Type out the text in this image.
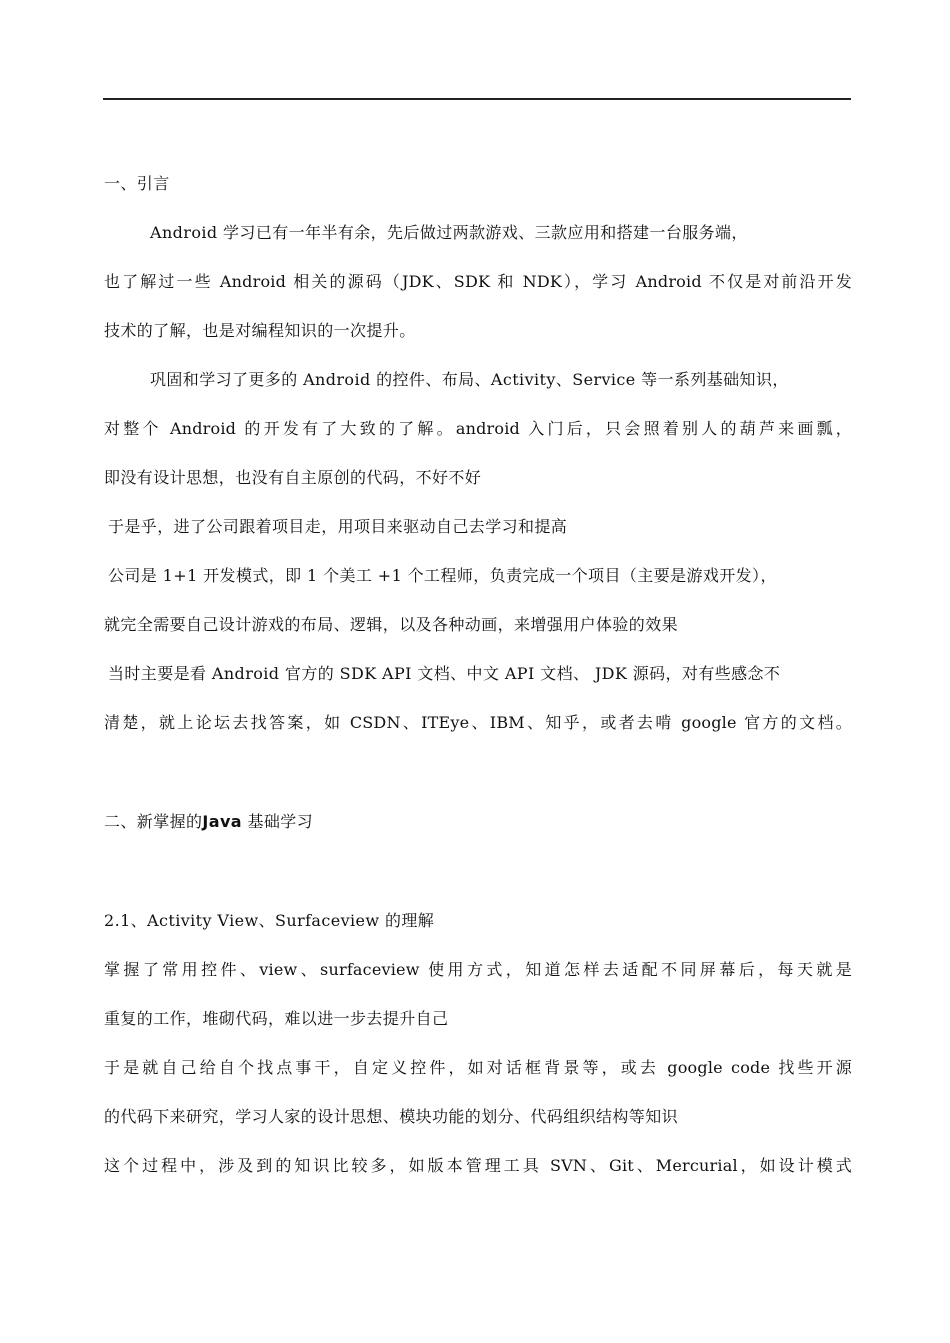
一、引言
Android 学习已有一年半有余，先后做过两款游戏、三款应用和搭建一台服务端，
也了解过一些 Android 相关的源码（JDK、SDK 和 NDK），学习 Android 不仅是对前沿开发
技术的了解，也是对编程知识的一次提升。
巩固和学习了更多的 Android 的控件、布局、Activity、Service 等一系列基础知识，
对整个 Android 的开发有了大致的了解。android 入门后，只会照着别人的葫芦来画瓢，
即没有设计思想，也没有自主原创的代码，不好不好
于是乎，进了公司跟着项目走，用项目来驱动自己去学习和提高
公司是 1+1 开发模式，即 1 个美工 +1 个工程师，负责完成一个项目（主要是游戏开发），
就完全需要自己设计游戏的布局、逻辑，以及各种动画，来增强用户体验的效果
当时主要是看 Android 官方的 SDK API 文档、中文 API 文档、 JDK 源码，对有些感念不
清楚，就上论坛去找答案，如 CSDN、ITEye、IBM、知乎，或者去啃 google 官方的文档。
二、新掌握的Java 基础学习
2.1、Activity View、Surfaceview 的理解
掌握了常用控件、view、surfaceview 使用方式，知道怎样去适配不同屏幕后，每天就是
重复的工作，堆砌代码，难以进一步去提升自己
于是就自己给自个找点事干，自定义控件，如对话框背景等，或去 google code 找些开源
的代码下来研究，学习人家的设计思想、模块功能的划分、代码组织结构等知识
这个过程中，涉及到的知识比较多，如版本管理工具 SVN、Git、Mercurial，如设计模式
